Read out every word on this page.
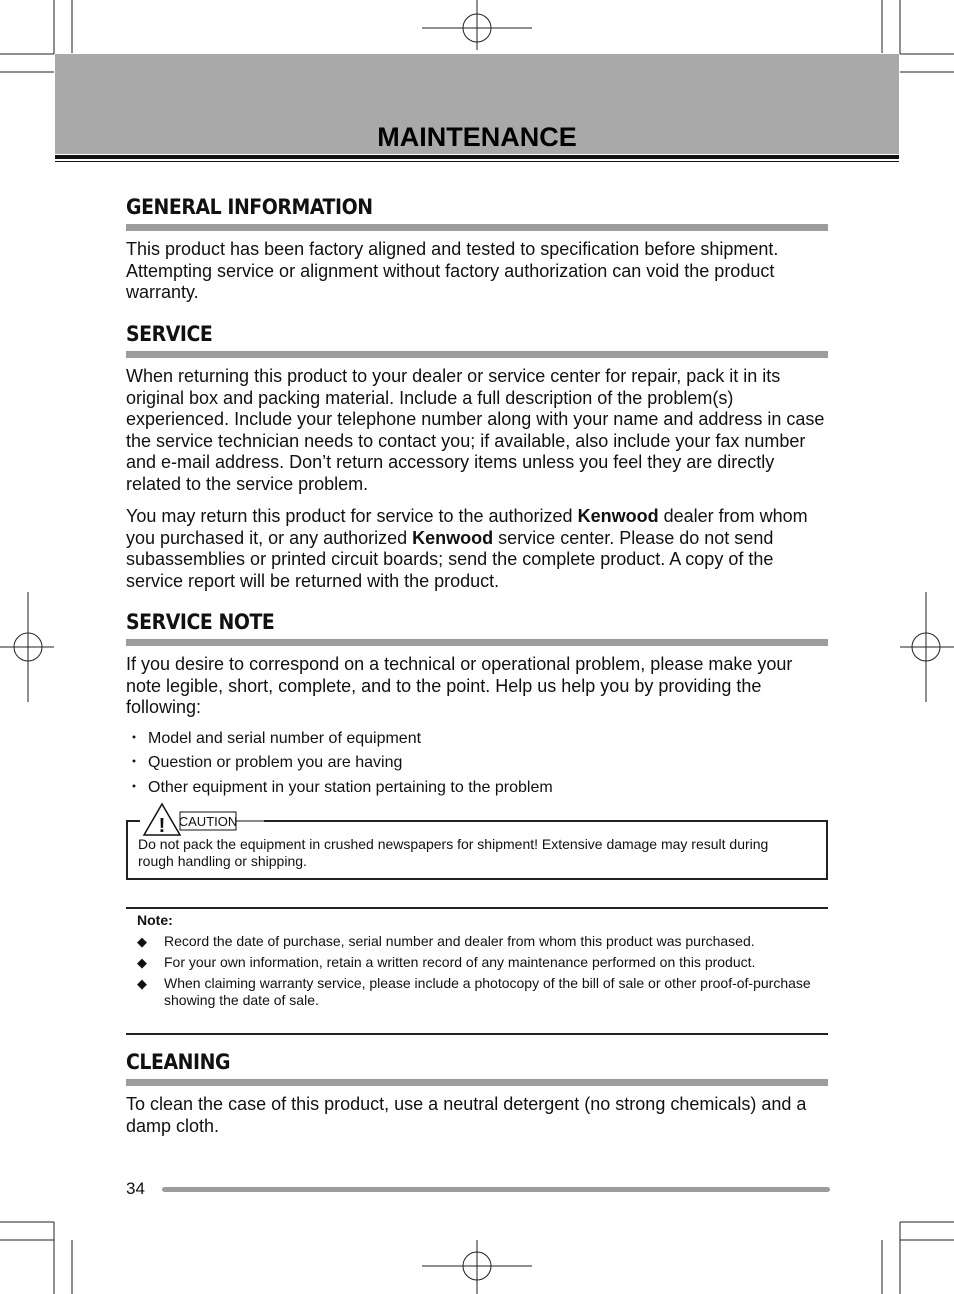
MAINTENANCE
GENERAL INFORMATION

This product has been factory aligned and tested to specification before shipment. Attempting service or alignment without factory authorization can void the product warranty.

SERVICE

When returning this product to your dealer or service center for repair, pack it in its original box and packing material. Include a full description of the problem(s) experienced. Include your telephone number along with your name and address in case the service technician needs to contact you; if available, also include your fax number and e-mail address. Don’t return accessory items unless you feel they are directly related to the service problem.

You may return this product for service to the authorized Kenwood dealer from whom you purchased it, or any authorized Kenwood service center. Please do not send subassemblies or printed circuit boards; send the complete product. A copy of the service report will be returned with the product.

SERVICE NOTE

If you desire to correspond on a technical or operational problem, please make your note legible, short, complete, and to the point. Help us help you by providing the following:

・ Model and serial number of equipment
・ Question or problem you are having
・ Other equipment in your station pertaining to the problem
! CAUTION
Do not pack the equipment in crushed newspapers for shipment! Extensive damage may result during rough handling or shipping.
Note:
◆ Record the date of purchase, serial number and dealer from whom this product was purchased.
◆ For your own information, retain a written record of any maintenance performed on this product.
◆ When claiming warranty service, please include a photocopy of the bill of sale or other proof-of-purchase showing the date of sale.
CLEANING

To clean the case of this product, use a neutral detergent (no strong chemicals) and a damp cloth.

34
